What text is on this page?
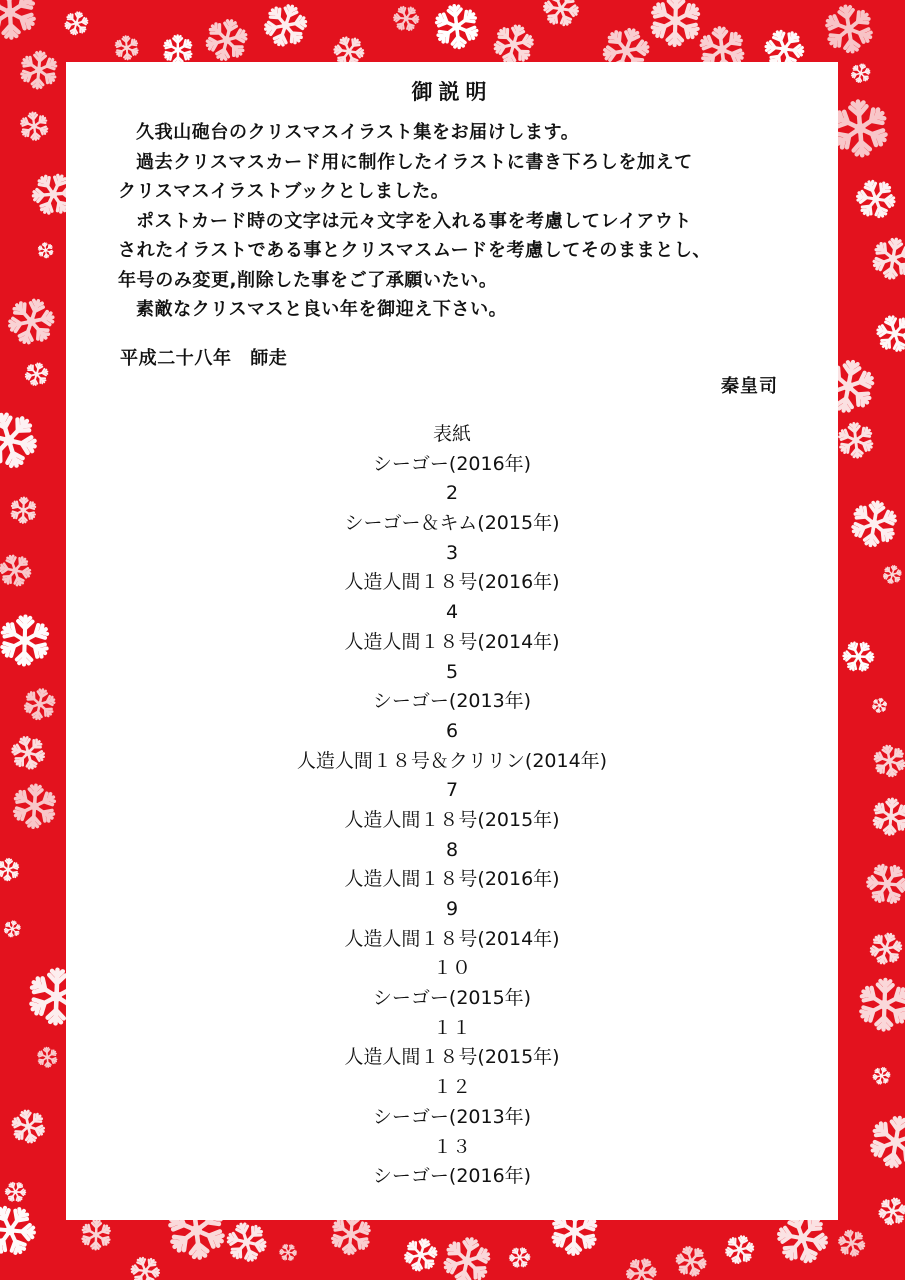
御説明

久我山砲台のクリスマスイラスト集をお届けします。

過去クリスマスカード用に制作したイラストに書き下ろしを加えて

クリスマスイラストブックとしました。

ポストカード時の文字は元々文字を入れる事を考慮してレイアウト

されたイラストである事とクリスマスムードを考慮してそのままとし、

年号のみ変更,削除した事をご了承願いたい。

素敵なクリスマスと良い年を御迎え下さい。

平成二十八年　師走
秦皇司
表紙
シーゴー(2016年)
2
シーゴー＆キム(2015年)
3
人造人間１８号(2016年)
4
人造人間１８号(2014年)
5
シーゴー(2013年)
6
人造人間１８号＆クリリン(2014年)
7
人造人間１８号(2015年)
8
人造人間１８号(2016年)
9
人造人間１８号(2014年)
１０
シーゴー(2015年)
１１
人造人間１８号(2015年)
１２
シーゴー(2013年)
１３
シーゴー(2016年)
